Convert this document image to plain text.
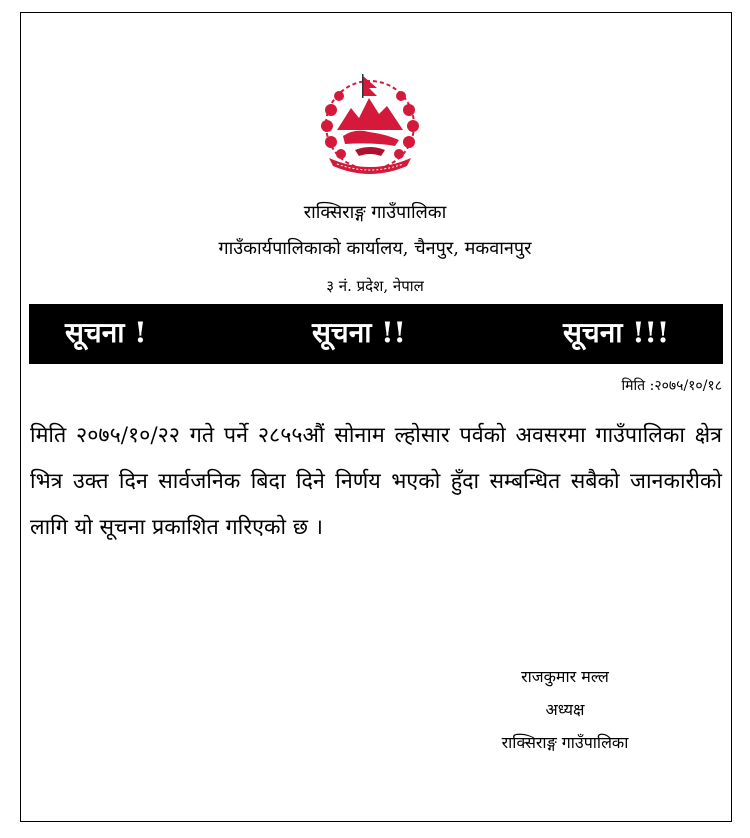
राक्सिराङ्ग गाउँपालिका
गाउँकार्यपालिकाको कार्यालय, चैनपुर, मकवानपुर
३ नं. प्रदेश, नेपाल
सूचना !	सूचना !!	सूचना !!!
मिति :२०७५/१०/१८
मिति २०७५/१०/२२ गते पर्ने २८५५औं सोनाम ल्होसार पर्वको अवसरमा गाउँपालिका क्षेत्र भित्र उक्त दिन सार्वजनिक बिदा दिने निर्णय भएको हुँदा सम्बन्धित सबैको जानकारीको लागि यो सूचना प्रकाशित गरिएको छ ।
राजकुमार मल्ल
अध्यक्ष
राक्सिराङ्ग गाउँपालिका
